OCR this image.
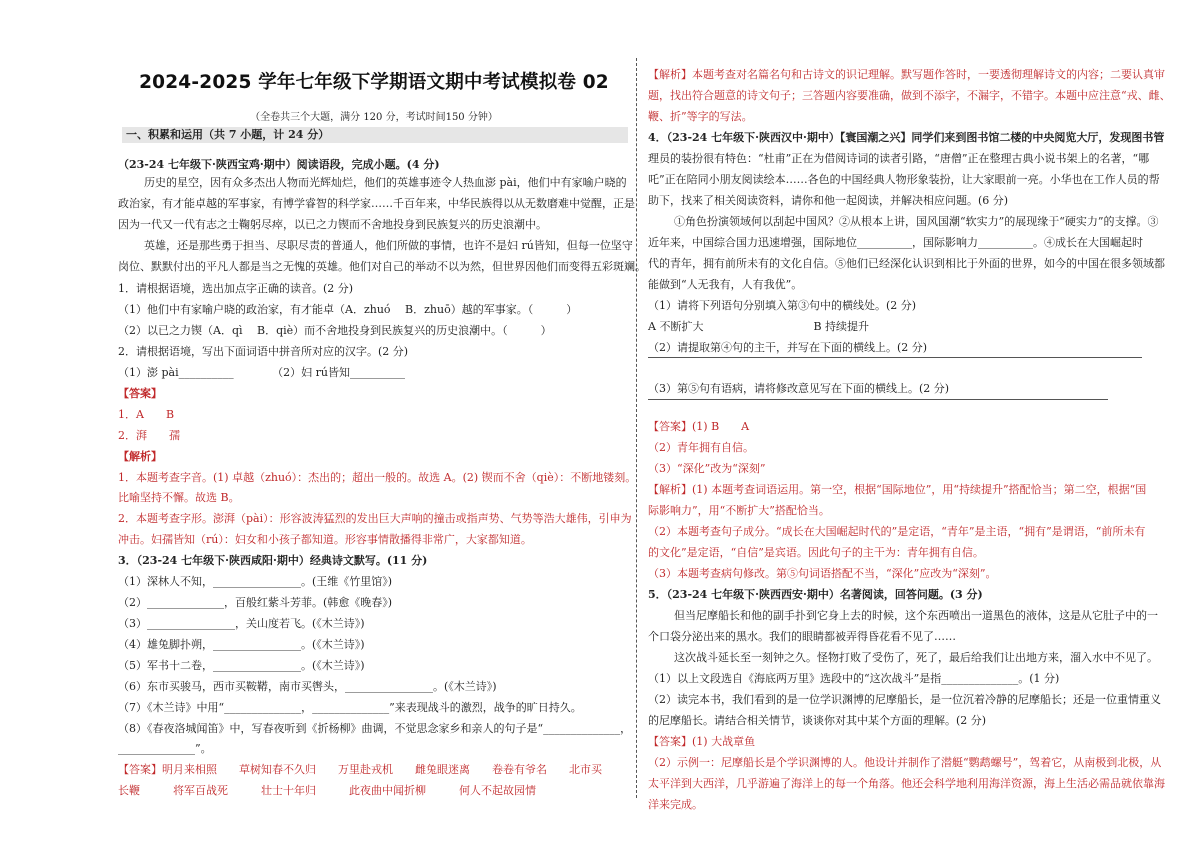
2024-2025 学年七年级下学期语文期中考试模拟卷 02
（全卷共三个大题，满分 120 分，考试时间150 分钟）
一、积累和运用（共 7 小题，计 24 分）
（23-24 七年级下·陕西宝鸡·期中）阅读语段，完成小题。(4 分)
历史的星空，因有众多杰出人物而光辉灿烂，他们的英雄事迹令人热血澎 pài，他们中有家喻户晓的
政治家，有才能卓越的军事家，有博学睿智的科学家……千百年来，中华民族得以从无数磨难中觉醒，正是
因为一代又一代有志之士鞠躬尽瘁，以已之力锲而不舍地投身到民族复兴的历史浪潮中。
英雄，还是那些勇于担当、尽职尽责的普通人，他们所做的事情，也许不是妇 rú皆知，但每一位坚守
岗位、默默付出的平凡人都是当之无愧的英雄。他们对自己的举动不以为然，但世界因他们而变得五彩斑斓。
1．请根据语境，选出加点字正确的读音。(2 分)
（1）他们中有家喻户晓的政治家，有才能卓（A．zhuó　 B．zhuō）越的军事家。（　　　）
（2）以已之力锲（A．qì　 B．qiè）而不舍地投身到民族复兴的历史浪潮中。（　　　）
2．请根据语境，写出下面词语中拼音所对应的汉字。(2 分)
（1）澎 pài__________　　　　（2）妇 rú皆知__________
【答案】
1．A　　B
2．湃　　孺
【解析】
1．本题考查字音。(1) 卓越（zhuó）：杰出的；超出一般的。故选 A。(2) 锲而不舍（qiè）：不断地镂刻。
比喻坚持不懈。故选 B。
2．本题考查字形。澎湃（pài）：形容波涛猛烈的发出巨大声响的撞击或指声势、气势等浩大雄伟，引申为
冲击。妇孺皆知（rú）：妇女和小孩子都知道。形容事情散播得非常广，大家都知道。
3．（23-24 七年级下·陕西咸阳·期中）经典诗文默写。(11 分)
（1）深林人不知，________________。(王维《竹里馆》)
（2）______________，百般红紫斗芳菲。(韩愈《晚春》)
（3）________________，关山度若飞。(《木兰诗》)
（4）雄兔脚扑朔，________________。(《木兰诗》)
（5）军书十二卷，________________。(《木兰诗》)
（6）东市买骏马，西市买鞍鞯，南市买辔头，________________。(《木兰诗》)
（7）《木兰诗》中用“______________，______________”来表现战斗的激烈，战争的旷日持久。
（8）《春夜洛城闻笛》中，写春夜听到《折杨柳》曲调，不觉思念家乡和亲人的句子是“______________，
______________”。
【答案】明月来相照　　草树知春不久归　　万里赴戎机　　雌兔眼迷离　　卷卷有爷名　　北市买
长鞭　　　将军百战死　　　壮士十年归　　　此夜曲中闻折柳　　　何人不起故园情
【解析】本题考查对名篇名句和古诗文的识记理解。默写题作答时，一要透彻理解诗文的内容；二要认真审
题，找出符合题意的诗文句子；三答题内容要准确，做到不添字，不漏字，不错字。本题中应注意“戎、雌、
鞭、折”等字的写法。
4．（23-24 七年级下·陕西汉中·期中）【寰国潮之兴】同学们来到图书馆二楼的中央阅览大厅，发现图书管
理员的装扮很有特色：“杜甫”正在为借阅诗词的读者引路，“唐僧”正在整理古典小说书架上的名著，“哪
吒”正在陪同小朋友阅读绘本……各色的中国经典人物形象装扮，让大家眼前一亮。小华也在工作人员的帮
助下，找来了相关阅读资料，请你和他一起阅读，并解决相应问题。(6 分)
①角色扮演领域何以刮起中国风？②从根本上讲，国风国潮“软实力”的展现缘于“硬实力”的支撑。③
近年来，中国综合国力迅速增强，国际地位__________，国际影响力__________。④成长在大国崛起时
代的青年，拥有前所未有的文化自信。⑤他们已经深化认识到相比于外面的世界，如今的中国在很多领域都
能做到“人无我有，人有我优”。
（1）请将下列语句分别填入第③句中的横线处。(2 分)
A 不断扩大　　　　　　　　　　B 持续提升
（2）请提取第④句的主干，并写在下面的横线上。(2 分)
（3）第⑤句有语病，请将修改意见写在下面的横线上。(2 分)
【答案】(1) B　　A
（2）青年拥有自信。
（3）“深化”改为“深刻”
【解析】(1) 本题考查词语运用。第一空，根据“国际地位”，用“持续提升”搭配恰当；第二空，根据“国
际影响力”，用“不断扩大”搭配恰当。
（2）本题考查句子成分。“成长在大国崛起时代的”是定语，“青年”是主语，“拥有”是谓语，“前所未有
的文化”是定语，“自信”是宾语。因此句子的主干为：青年拥有自信。
（3）本题考查病句修改。第⑤句词语搭配不当，“深化”应改为“深刻”。
5．（23-24 七年级下·陕西西安·期中）名著阅读，回答问题。(3 分)
但当尼摩船长和他的副手扑到它身上去的时候，这个东西喷出一道黑色的液体，这是从它肚子中的一
个口袋分泌出来的黑水。我们的眼睛都被弄得昏花看不见了……
这次战斗延长至一刻钟之久。怪物打败了受伤了，死了，最后给我们让出地方来，溜入水中不见了。
（1）以上文段选自《海底两万里》选段中的“这次战斗”是指______________。(1 分)
（2）读完本书，我们看到的是一位学识渊博的尼摩船长，是一位沉着冷静的尼摩船长；还是一位重情重义
的尼摩船长。请结合相关情节，谈谈你对其中某个方面的理解。(2 分)
【答案】(1) 大战章鱼
（2）示例一：尼摩船长是个学识渊博的人。他设计并制作了潜艇“鹦鹉螺号”，驾着它，从南极到北极，从
太平洋到大西洋，几乎游遍了海洋上的每一个角落。他还会科学地利用海洋资源，海上生活必需品就依靠海
洋来完成。
